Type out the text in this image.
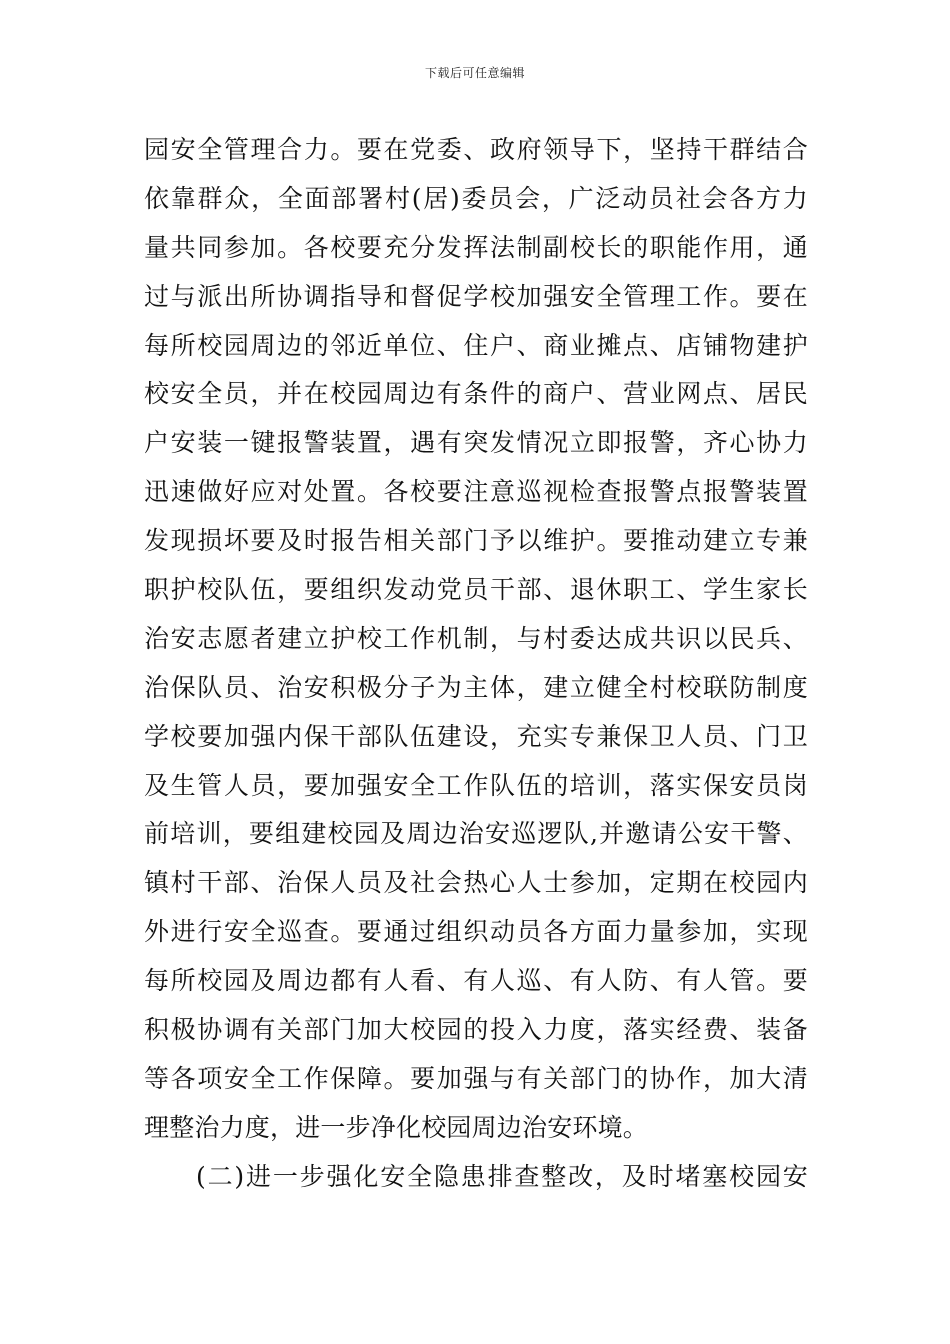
下载后可任意编辑
园安全管理合力。要在党委、政府领导下，坚持干群结合
依靠群众，全面部署村(居)委员会，广泛动员社会各方力
量共同参加。各校要充分发挥法制副校长的职能作用，通
过与派出所协调指导和督促学校加强安全管理工作。要在
每所校园周边的邻近单位、住户、商业摊点、店铺物建护
校安全员，并在校园周边有条件的商户、营业网点、居民
户安装一键报警装置，遇有突发情况立即报警，齐心协力
迅速做好应对处置。各校要注意巡视检查报警点报警装置
发现损坏要及时报告相关部门予以维护。要推动建立专兼
职护校队伍，要组织发动党员干部、退休职工、学生家长
治安志愿者建立护校工作机制，与村委达成共识以民兵、
治保队员、治安积极分子为主体，建立健全村校联防制度
学校要加强内保干部队伍建设，充实专兼保卫人员、门卫
及生管人员，要加强安全工作队伍的培训，落实保安员岗
前培训，要组建校园及周边治安巡逻队,并邀请公安干警、
镇村干部、治保人员及社会热心人士参加，定期在校园内
外进行安全巡查。要通过组织动员各方面力量参加，实现
每所校园及周边都有人看、有人巡、有人防、有人管。要
积极协调有关部门加大校园的投入力度，落实经费、装备
等各项安全工作保障。要加强与有关部门的协作，加大清
理整治力度，进一步净化校园周边治安环境。
(二)进一步强化安全隐患排查整改，及时堵塞校园安
